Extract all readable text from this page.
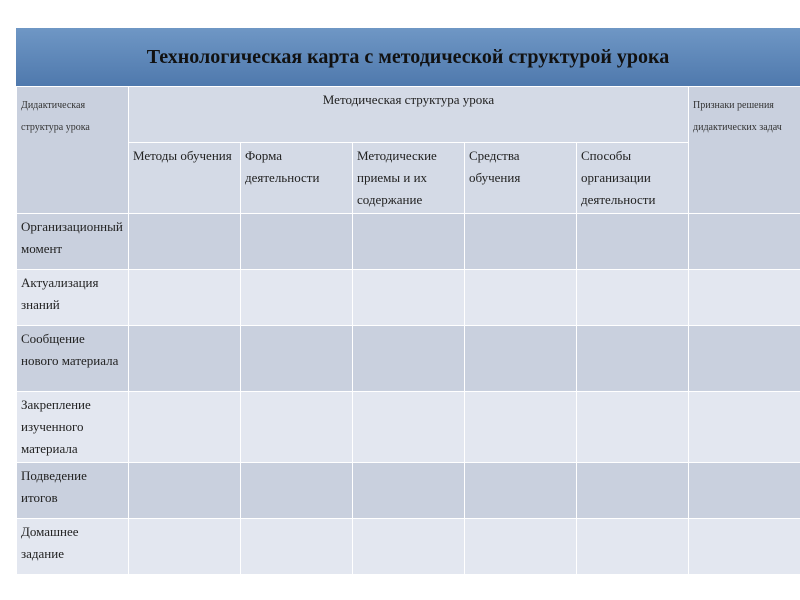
Технологическая карта с методической структурой урока
Дидактическая структура урока	Методическая структура урока					Признаки решения дидактических задач
	Методы обучения	Форма деятельности	Методические приемы и их содержание	Средства обучения	Способы организации деятельности	
Организационный момент						
Актуализация знаний						
Сообщение нового материала						
Закрепление изученного материала						
Подведение итогов						
Домашнее задание						
